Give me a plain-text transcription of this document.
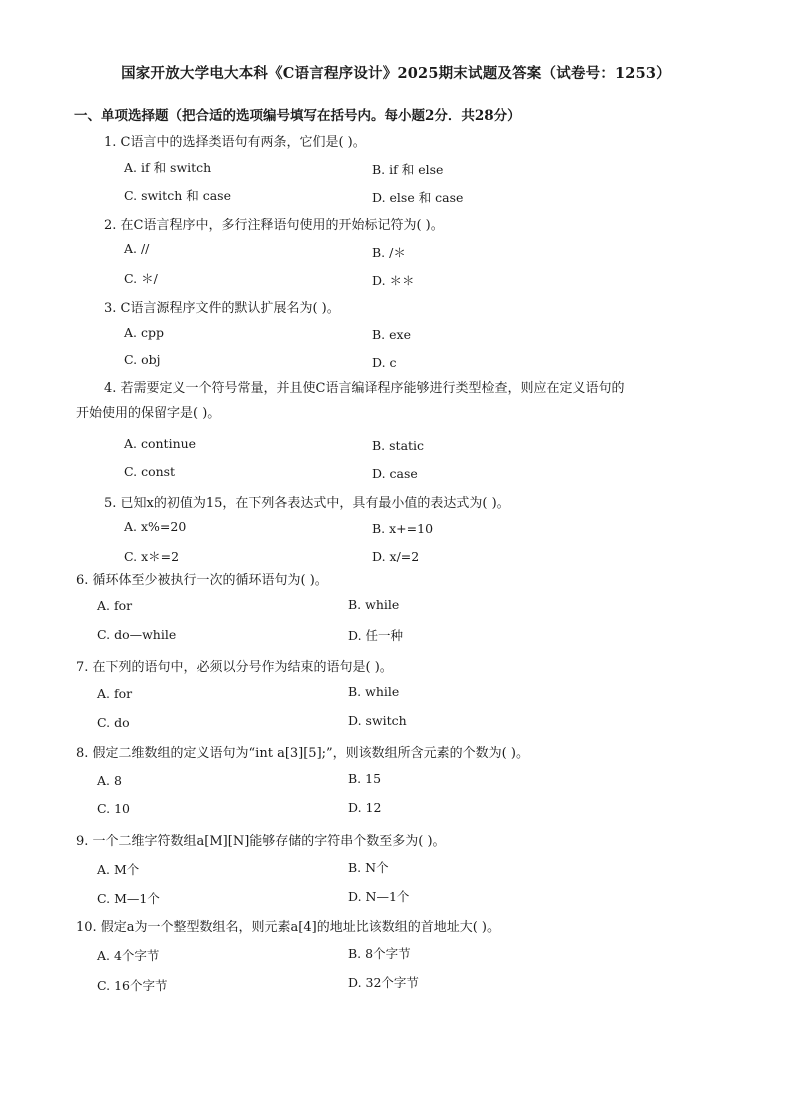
国家开放大学电大本科《C语言程序设计》2025期末试题及答案（试卷号：1253）
一、单项选择题（把合适的选项编号填写在括号内。每小题2分．共28分）
1. C语言中的选择类语句有两条，它们是( )。
A. if 和 switch	B. if 和 else
C. switch 和 case	D. else 和 case
2. 在C语言程序中，多行注释语句使用的开始标记符为( )。
A. //	B. /＊
C. ＊/	D. ＊＊
3. C语言源程序文件的默认扩展名为( )。
A. cpp	B. exe
C. obj	D. c
4. 若需要定义一个符号常量，并且使C语言编译程序能够进行类型检查，则应在定义语句的开始使用的保留字是( )。
A. continue	B. static
C. const	D. case
5. 已知x的初值为15，在下列各表达式中，具有最小值的表达式为( )。
A. x%=20	B. x+=10
C. x＊=2	D. x/=2
6. 循环体至少被执行一次的循环语句为( )。
A. for	B. while
C. do—while	D. 任一种
7. 在下列的语句中，必须以分号作为结束的语句是( )。
A. for	B. while
C. do	D. switch
8. 假定二维数组的定义语句为“int a[3][5];”，则该数组所含元素的个数为( )。
A. 8	B. 15
C. 10	D. 12
9. 一个二维字符数组a[M][N]能够存储的字符串个数至多为( )。
A. M个	B. N个
C. M—1个	D. N—1个
10. 假定a为一个整型数组名，则元素a[4]的地址比该数组的首地址大( )。
A. 4个字节	B. 8个字节
C. 16个字节	D. 32个字节
